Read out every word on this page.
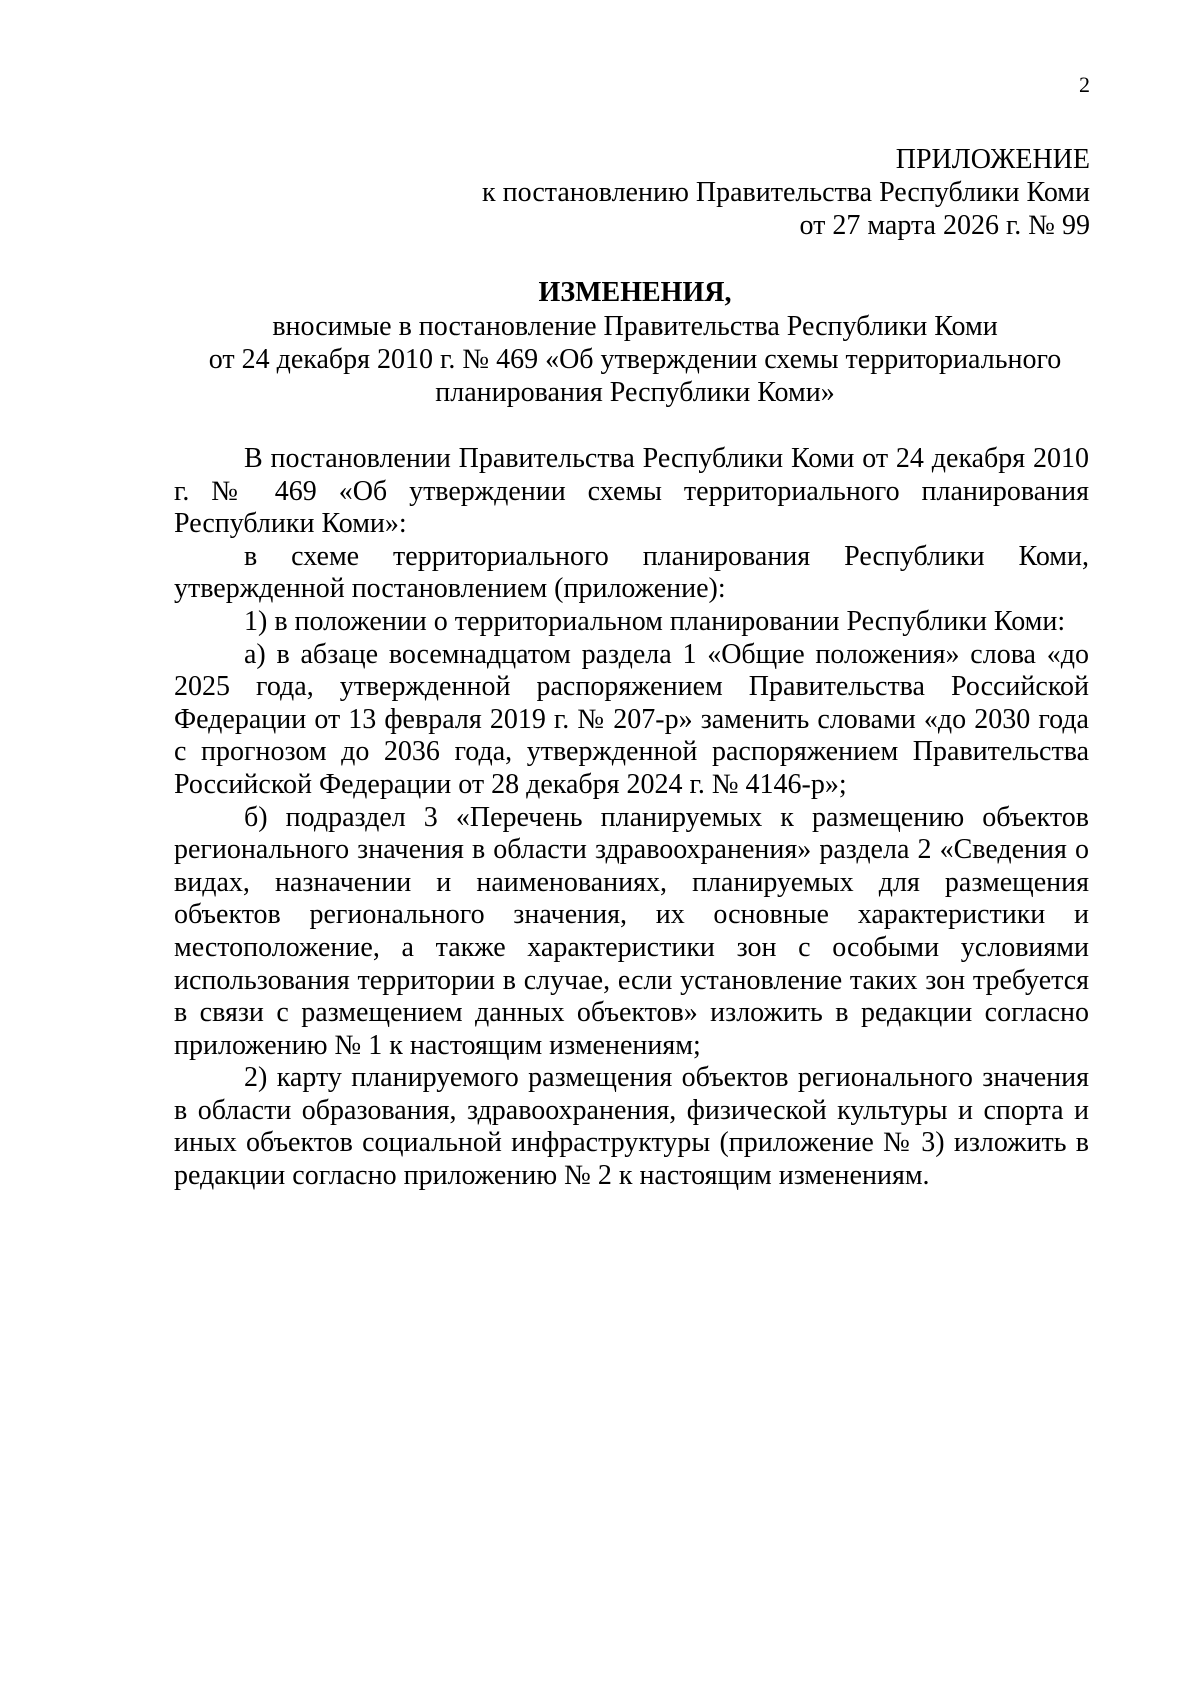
2
ПРИЛОЖЕНИЕ
к постановлению Правительства Республики Коми
от 27 марта 2026 г. № 99
ИЗМЕНЕНИЯ,
вносимые в постановление Правительства Республики Коми
от 24 декабря 2010 г. № 469 «Об утверждении схемы территориального
планирования Республики Коми»

В постановлении Правительства Республики Коми от 24 декабря 2010 г. № 469 «Об утверждении схемы территориального планирования Республики Коми»:

в схеме территориального планирования Республики Коми, утвержденной постановлением (приложение):

1) в положении о территориальном планировании Республики Коми:

а) в абзаце восемнадцатом раздела 1 «Общие положения» слова «до 2025 года, утвержденной распоряжением Правительства Российской Федерации от 13 февраля 2019 г. № 207-р» заменить словами «до 2030 года с прогнозом до 2036 года, утвержденной распоряжением Правительства Российской Федерации от 28 декабря 2024 г. № 4146-р»;

б) подраздел 3 «Перечень планируемых к размещению объектов регионального значения в области здравоохранения» раздела 2 «Сведения о видах, назначении и наименованиях, планируемых для размещения объектов регионального значения, их основные характеристики и местоположение, а также характеристики зон с особыми условиями использования территории в случае, если установление таких зон требуется в связи с размещением данных объектов» изложить в редакции согласно приложению № 1 к настоящим изменениям;

2) карту планируемого размещения объектов регионального значения в области образования, здравоохранения, физической культуры и спорта и иных объектов социальной инфраструктуры (приложение № 3) изложить в редакции согласно приложению № 2 к настоящим изменениям.
